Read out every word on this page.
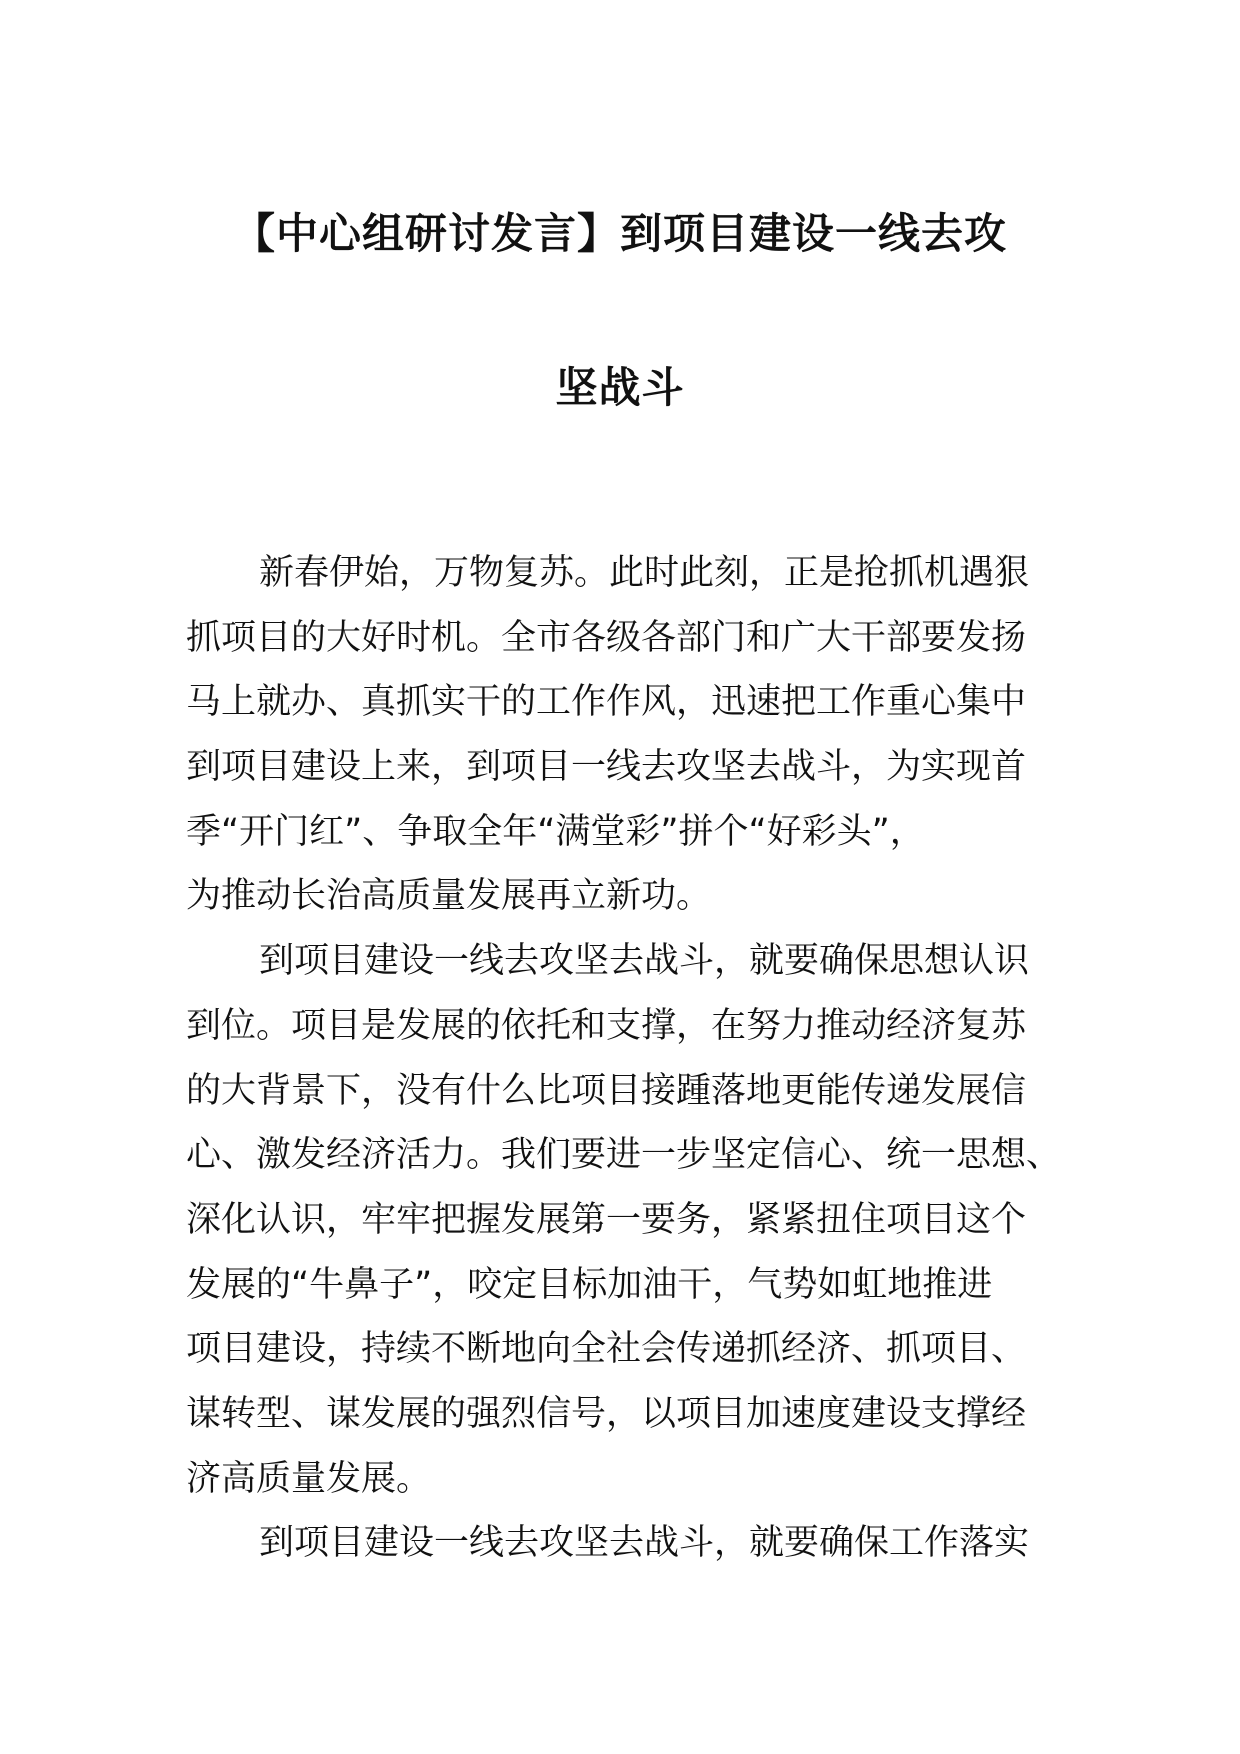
【中心组研讨发言】到项目建设一线去攻
坚战斗
新春伊始，万物复苏。此时此刻，正是抢抓机遇狠
抓项目的大好时机。全市各级各部门和广大干部要发扬
马上就办、真抓实干的工作作风，迅速把工作重心集中
到项目建设上来，到项目一线去攻坚去战斗，为实现首
季“开门红”、争取全年“满堂彩”拼个“好彩头”，
为推动长治高质量发展再立新功。
到项目建设一线去攻坚去战斗，就要确保思想认识
到位。项目是发展的依托和支撑，在努力推动经济复苏
的大背景下，没有什么比项目接踵落地更能传递发展信
心、激发经济活力。我们要进一步坚定信心、统一思想、
深化认识，牢牢把握发展第一要务，紧紧扭住项目这个
发展的“牛鼻子”，咬定目标加油干，气势如虹地推进
项目建设，持续不断地向全社会传递抓经济、抓项目、
谋转型、谋发展的强烈信号，以项目加速度建设支撑经
济高质量发展。
到项目建设一线去攻坚去战斗，就要确保工作落实
